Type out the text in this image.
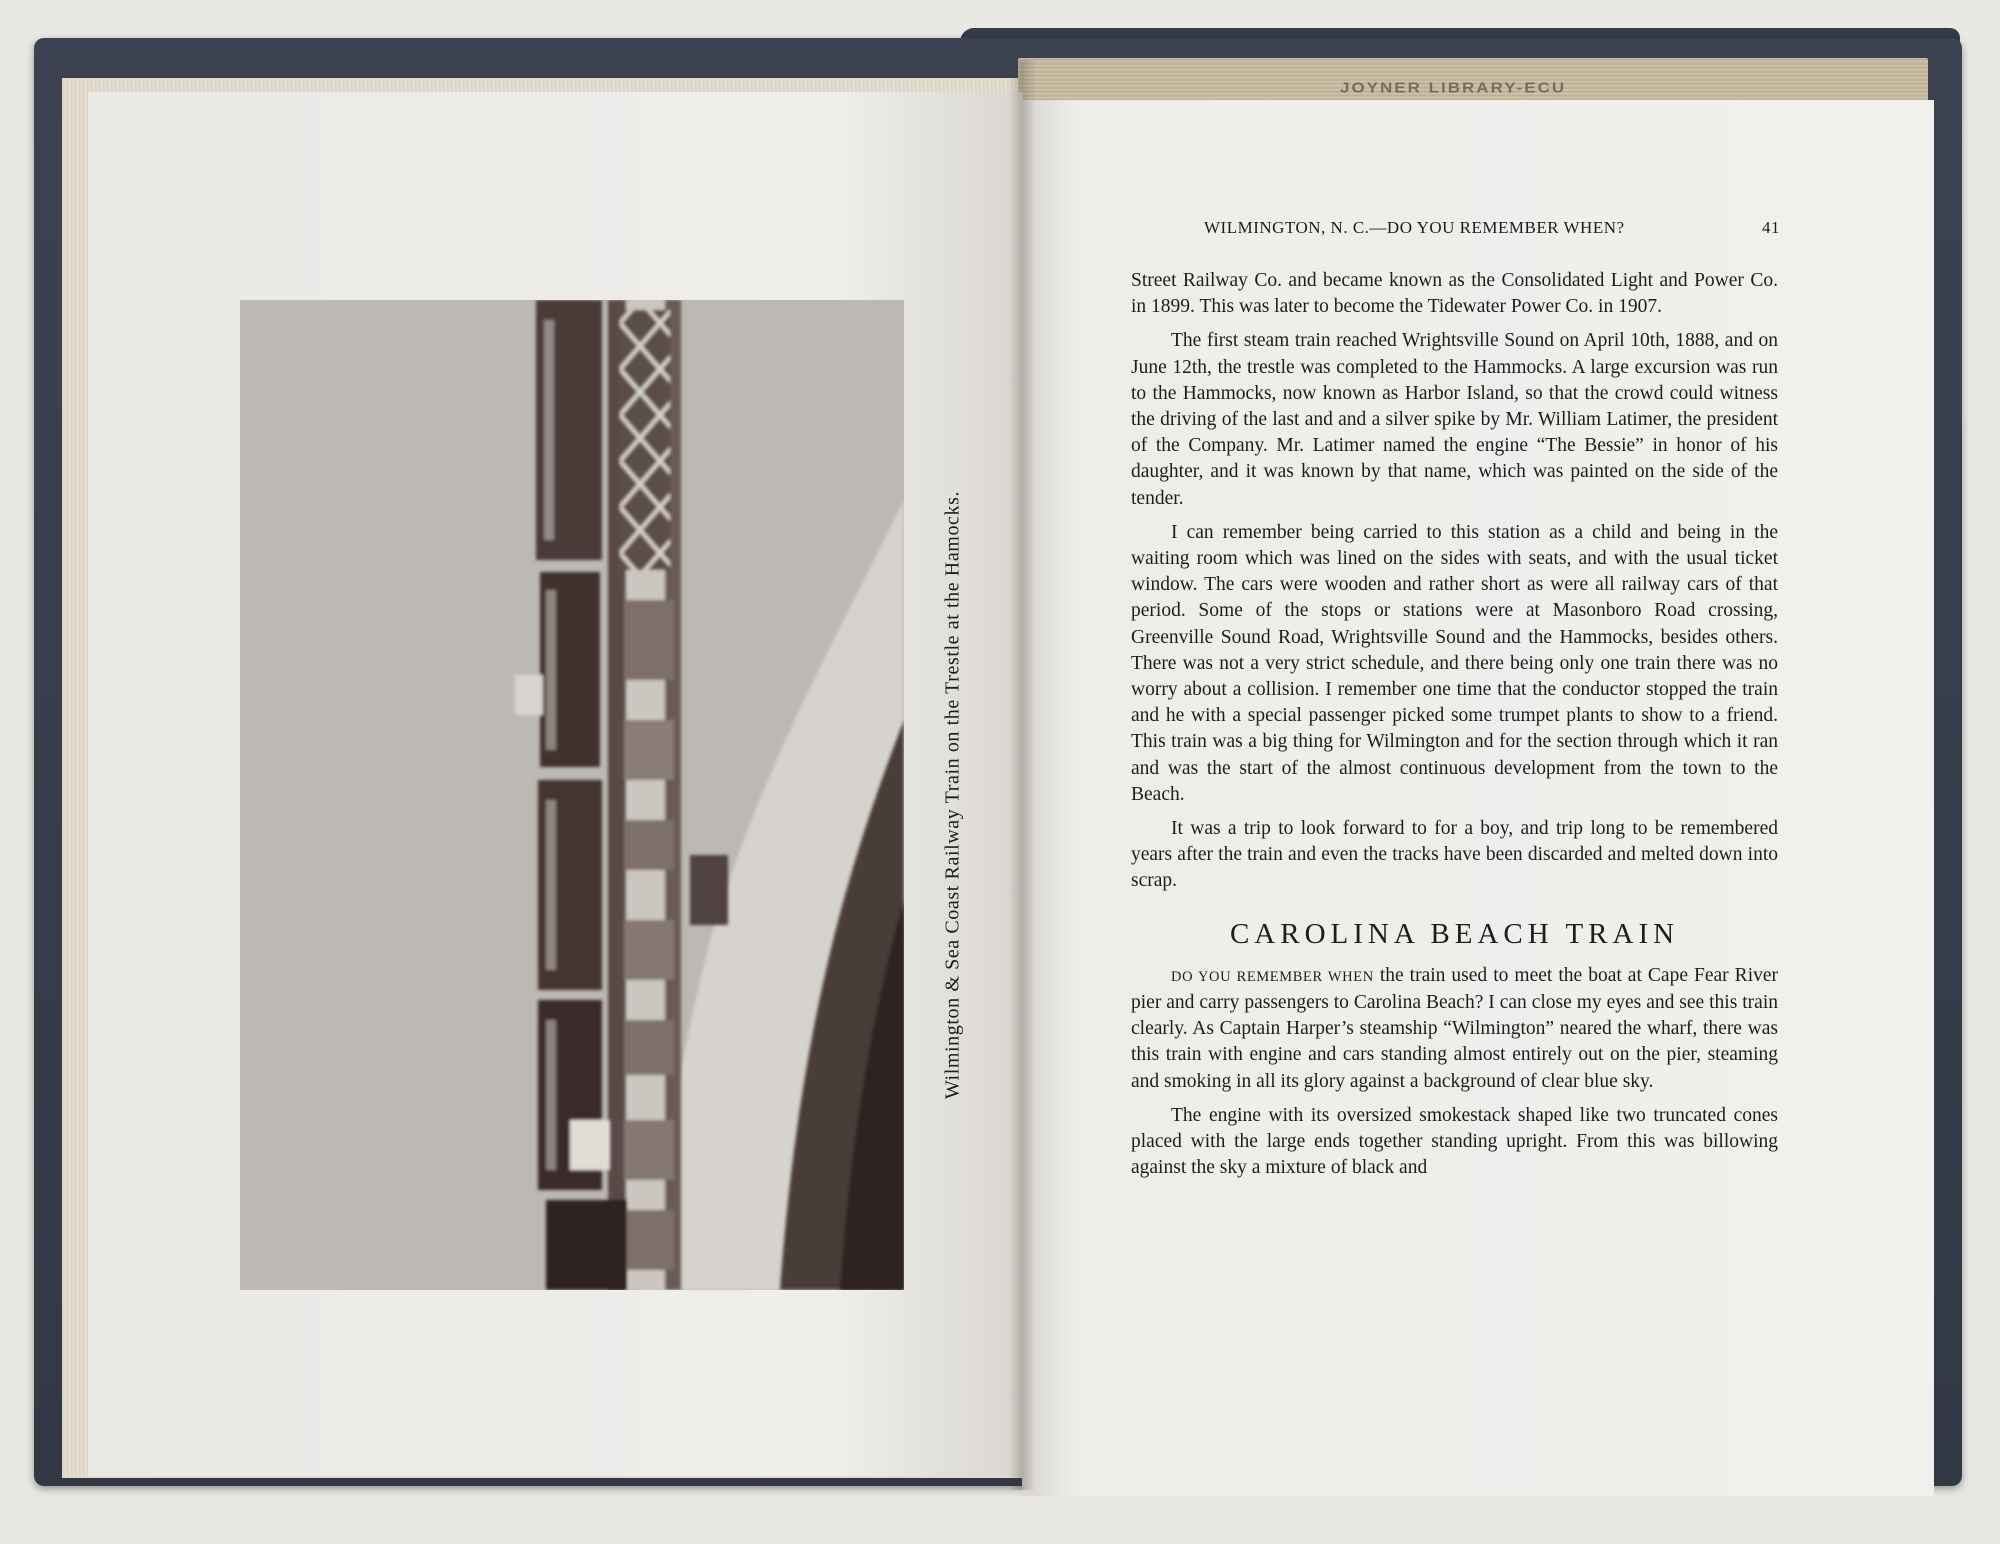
JOYNER LIBRARY-ECU
Wilmington & Sea Coast Railway Train on the Trestle at the Hamocks.
WILMINGTON, N. C.—DO YOU REMEMBER WHEN?	41

Street Railway Co. and became known as the Consolidated Light and Power Co. in 1899. This was later to become the Tidewater Power Co. in 1907.

The first steam train reached Wrightsville Sound on April 10th, 1888, and on June 12th, the trestle was completed to the Hammocks. A large excursion was run to the Hammocks, now known as Harbor Island, so that the crowd could witness the driving of the last and and a silver spike by Mr. William Latimer, the president of the Company. Mr. Latimer named the engine “The Bessie” in honor of his daughter, and it was known by that name, which was painted on the side of the tender.

I can remember being carried to this station as a child and being in the waiting room which was lined on the sides with seats, and with the usual ticket window. The cars were wooden and rather short as were all railway cars of that period. Some of the stops or stations were at Masonboro Road crossing, Greenville Sound Road, Wrightsville Sound and the Hammocks, besides others. There was not a very strict schedule, and there being only one train there was no worry about a collision. I remember one time that the conductor stopped the train and he with a special passenger picked some trumpet plants to show to a friend. This train was a big thing for Wilmington and for the section through which it ran and was the start of the almost continuous development from the town to the Beach.

It was a trip to look forward to for a boy, and trip long to be remembered years after the train and even the tracks have been discarded and melted down into scrap.

CAROLINA BEACH TRAIN

DO YOU REMEMBER WHEN the train used to meet the boat at Cape Fear River pier and carry passengers to Carolina Beach? I can close my eyes and see this train clearly. As Captain Harper’s steamship “Wilmington” neared the wharf, there was this train with engine and cars standing almost entirely out on the pier, steaming and smoking in all its glory against a background of clear blue sky.

The engine with its oversized smokestack shaped like two truncated cones placed with the large ends together standing upright. From this was billowing against the sky a mixture of black and
